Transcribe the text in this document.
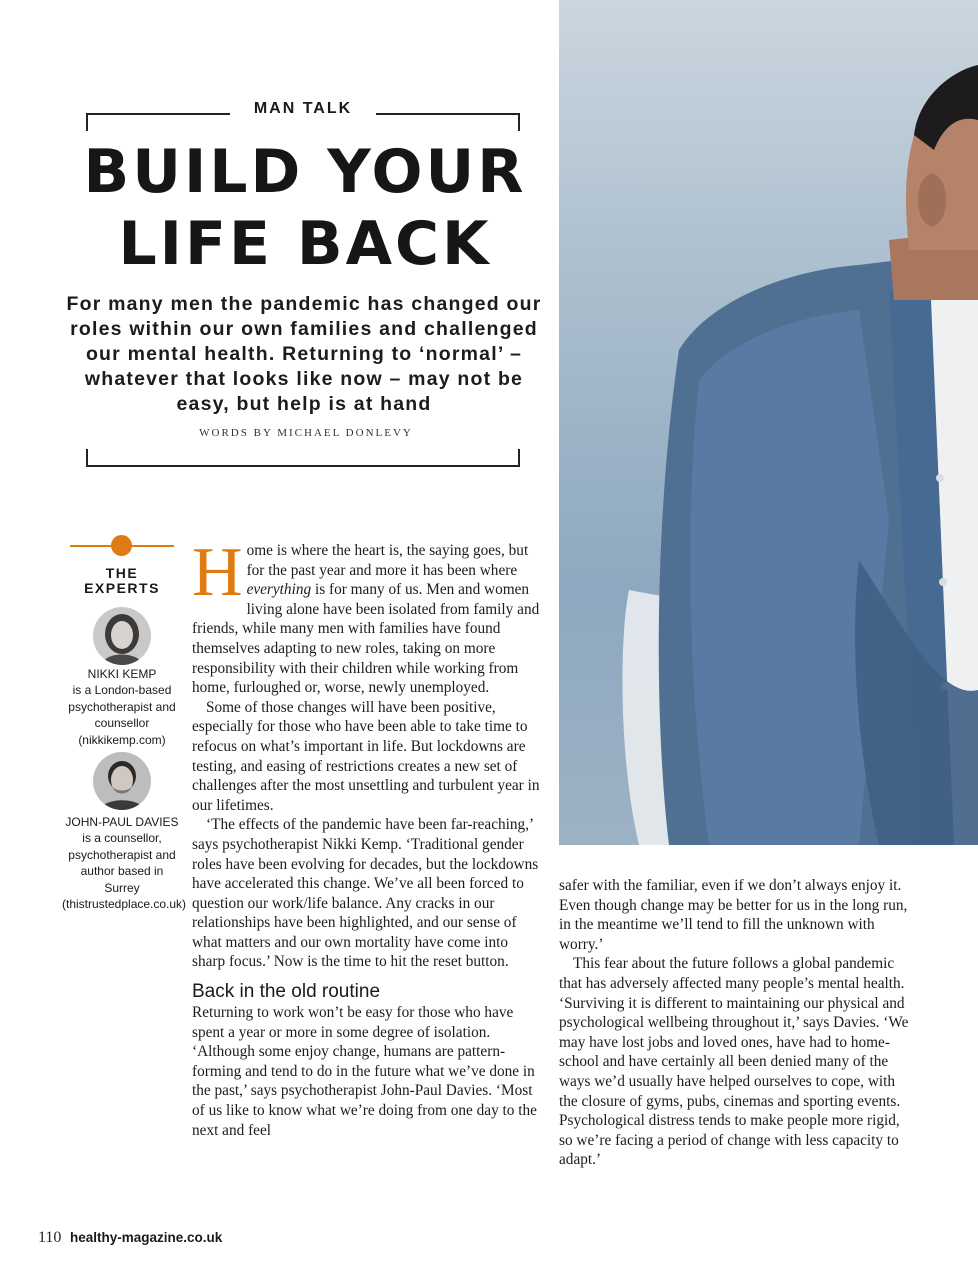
MAN TALK
BUILD YOUR
LIFE BACK
For many men the pandemic has changed our roles within our own families and challenged our mental health. Returning to ‘normal’ – whatever that looks like now – may not be easy, but help is at hand
WORDS BY MICHAEL DONLEVY
THE
EXPERTS
NIKKI KEMP
is a London-based psychotherapist and counsellor (nikkikemp.com)
JOHN-PAUL DAVIES
is a counsellor, psychotherapist and author based in Surrey (thistrustedplace.co.uk)

Home is where the heart is, the saying goes, but for the past year and more it has been where everything is for many of us. Men and women living alone have been isolated from family and friends, while many men with families have found themselves adapting to new roles, taking on more responsibility with their children while working from home, furloughed or, worse, newly unemployed.

Some of those changes will have been positive, especially for those who have been able to take time to refocus on what’s important in life. But lockdowns are testing, and easing of restrictions creates a new set of challenges after the most unsettling and turbulent year in our lifetimes.

‘The effects of the pandemic have been far-reaching,’ says psychotherapist Nikki Kemp. ‘Traditional gender roles have been evolving for decades, but the lockdowns have accelerated this change. We’ve all been forced to question our work/life balance. Any cracks in our relationships have been highlighted, and our sense of what matters and our own mortality have come into sharp focus.’ Now is the time to hit the reset button.

Back in the old routine

Returning to work won’t be easy for those who have spent a year or more in some degree of isolation. ‘Although some enjoy change, humans are pattern-forming and tend to do in the future what we’ve done in the past,’ says psychotherapist John-Paul Davies. ‘Most of us like to know what we’re doing from one day to the next and feel

safer with the familiar, even if we don’t always enjoy it. Even though change may be better for us in the long run, in the meantime we’ll tend to fill the unknown with worry.’

This fear about the future follows a global pandemic that has adversely affected many people’s mental health. ‘Surviving it is different to maintaining our physical and psychological wellbeing throughout it,’ says Davies. ‘We may have lost jobs and loved ones, have had to home-school and have certainly all been denied many of the ways we’d usually have helped ourselves to cope, with the closure of gyms, pubs, cinemas and sporting events. Psychological distress tends to make people more rigid, so we’re facing a period of change with less capacity to adapt.’

110 healthy-magazine.co.uk
